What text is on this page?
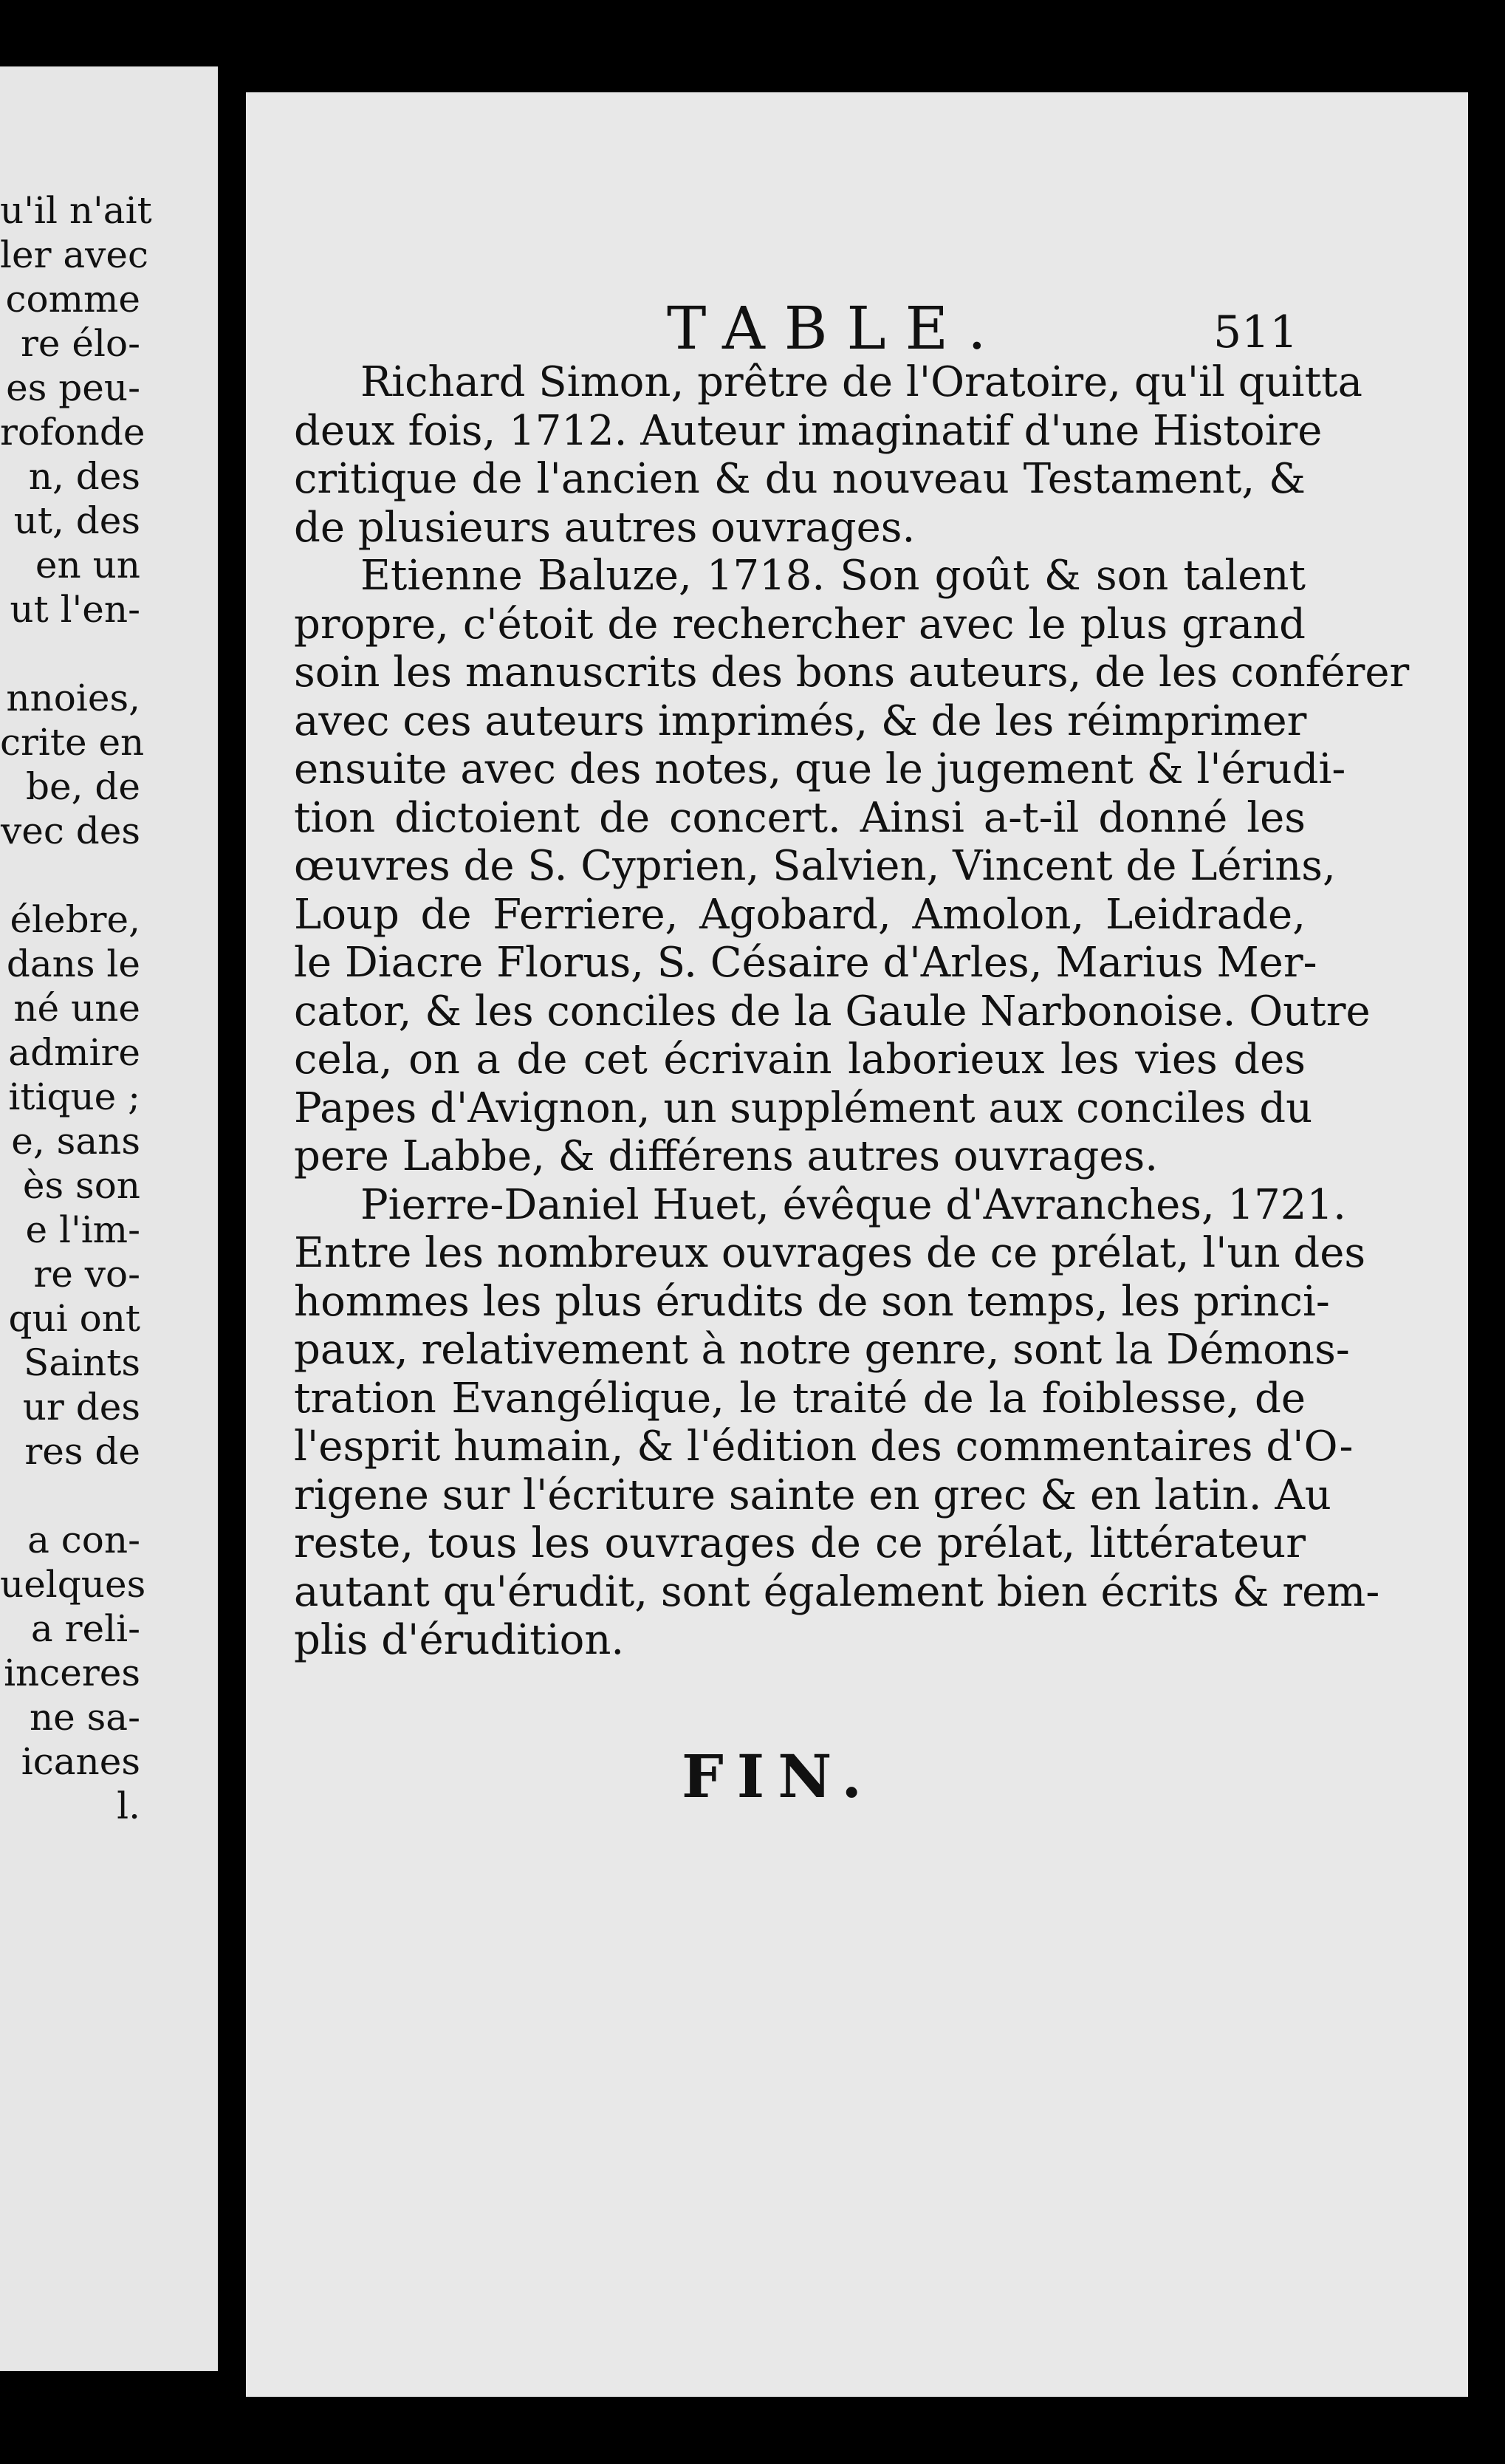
u'il n'ait
ler avec
comme
re élo-
es peu-
rofonde
n, des
ut, des
en un
ut l'en-
nnoies,
crite en
be, de
vec des
élebre,
dans le
né une
admire
itique ;
e, sans
ès son
e l'im-
re vo-
qui ont
Saints
ur des
res de
a con-
uelques
a reli-
inceres
ne sa-
icanes
l.
TABLE.	511
Richard Simon, prêtre de l'Oratoire, qu'il quitta
deux fois, 1712. Auteur imaginatif d'une Histoire
critique de l'ancien & du nouveau Testament, &
de plusieurs autres ouvrages.
Etienne Baluze, 1718. Son goût & son talent
propre, c'étoit de rechercher avec le plus grand
soin les manuscrits des bons auteurs, de les conférer
avec ces auteurs imprimés, & de les réimprimer
ensuite avec des notes, que le jugement & l'érudi-
tion dictoient de concert. Ainsi a-t-il donné les
œuvres de S. Cyprien, Salvien, Vincent de Lérins,
Loup de Ferriere, Agobard, Amolon, Leidrade,
le Diacre Florus, S. Césaire d'Arles, Marius Mer-
cator, & les conciles de la Gaule Narbonoise. Outre
cela, on a de cet écrivain laborieux les vies des
Papes d'Avignon, un supplément aux conciles du
pere Labbe, & différens autres ouvrages.
Pierre-Daniel Huet, évêque d'Avranches, 1721.
Entre les nombreux ouvrages de ce prélat, l'un des
hommes les plus érudits de son temps, les princi-
paux, relativement à notre genre, sont la Démons-
tration Evangélique, le traité de la foiblesse, de
l'esprit humain, & l'édition des commentaires d'O-
rigene sur l'écriture sainte en grec & en latin. Au
reste, tous les ouvrages de ce prélat, littérateur
autant qu'érudit, sont également bien écrits & rem-
plis d'érudition.
FIN.
